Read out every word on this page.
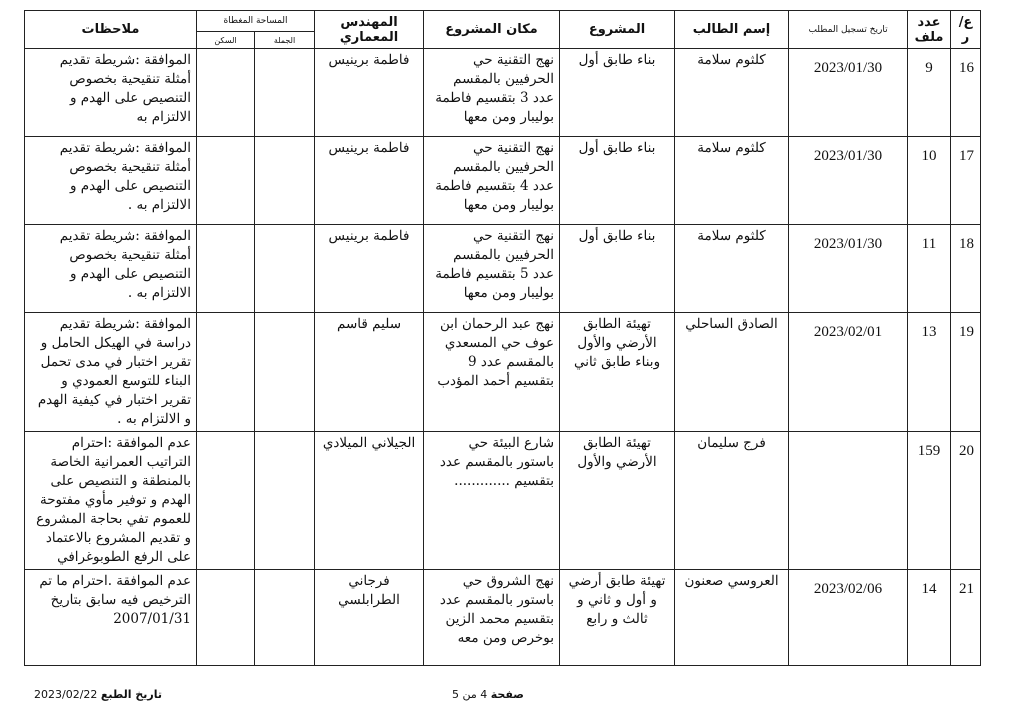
ع/ر	عدد ملف	تاريخ تسجيل المطلب	إسم الطالب	المشروع	مكان المشروع	المهندس المعماري	المساحة المغطاة		ملاحظات
							الجملة	السكن	
16	9	2023/01/30	كلثوم سلامة	بناء طابق أول	نهج التقنية حي الحرفيين بالمقسم عدد 3 بتقسيم فاطمة بوليبار ومن معها	فاطمة برينيس			الموافقة :شريطة تقديم أمثلة تنقيحية بخصوص التنصيص على الهدم و الالتزام به
17	10	2023/01/30	كلثوم سلامة	بناء طابق أول	نهج التقنية حي الحرفيين بالمقسم عدد 4 بتقسيم فاطمة بوليبار ومن معها	فاطمة برينيس			الموافقة :شريطة تقديم أمثلة تنقيحية بخصوص التنصيص على الهدم و الالتزام به .
18	11	2023/01/30	كلثوم سلامة	بناء طابق أول	نهج التقنية حي الحرفيين بالمقسم عدد 5 بتقسيم فاطمة بوليبار ومن معها	فاطمة برينيس			الموافقة :شريطة تقديم أمثلة تنقيحية بخصوص التنصيص على الهدم و الالتزام به .
19	13	2023/02/01	الصادق الساحلي	تهيئة الطابق الأرضي والأول وبناء طابق ثاني	نهج عبد الرحمان ابن عوف حي المسعدي بالمقسم عدد 9 بتقسيم أحمد المؤدب	سليم قاسم			الموافقة :شريطة تقديم دراسة في الهيكل الحامل و تقرير اختبار في مدى تحمل البناء للتوسع العمودي و تقرير اختبار في كيفية الهدم و الالتزام به .
20	159		فرج سليمان	تهيئة الطابق الأرضي والأول	شارع البيئة حي باستور بالمقسم عدد بتقسيم .............	الجيلاني الميلادي			عدم الموافقة :احترام التراتيب العمرانية الخاصة بالمنطقة و التنصيص على الهدم و توفير مأوي مفتوحة للعموم تفي بحاجة المشروع و تقديم المشروع بالاعتماد على الرفع الطوبوغرافي
21	14	2023/02/06	العروسي صعنون	تهيئة طابق أرضي و أول و ثاني و ثالث و رابع	نهج الشروق حي باستور بالمقسم عدد بتقسيم محمد الزين بوخرص ومن معه	فرجاني الطرابلسي			عدم الموافقة .احترام ما تم الترخيص فيه سابق بتاريخ 2007/01/31
صفحة 4 من 5
تاريخ الطبع 2023/02/22
